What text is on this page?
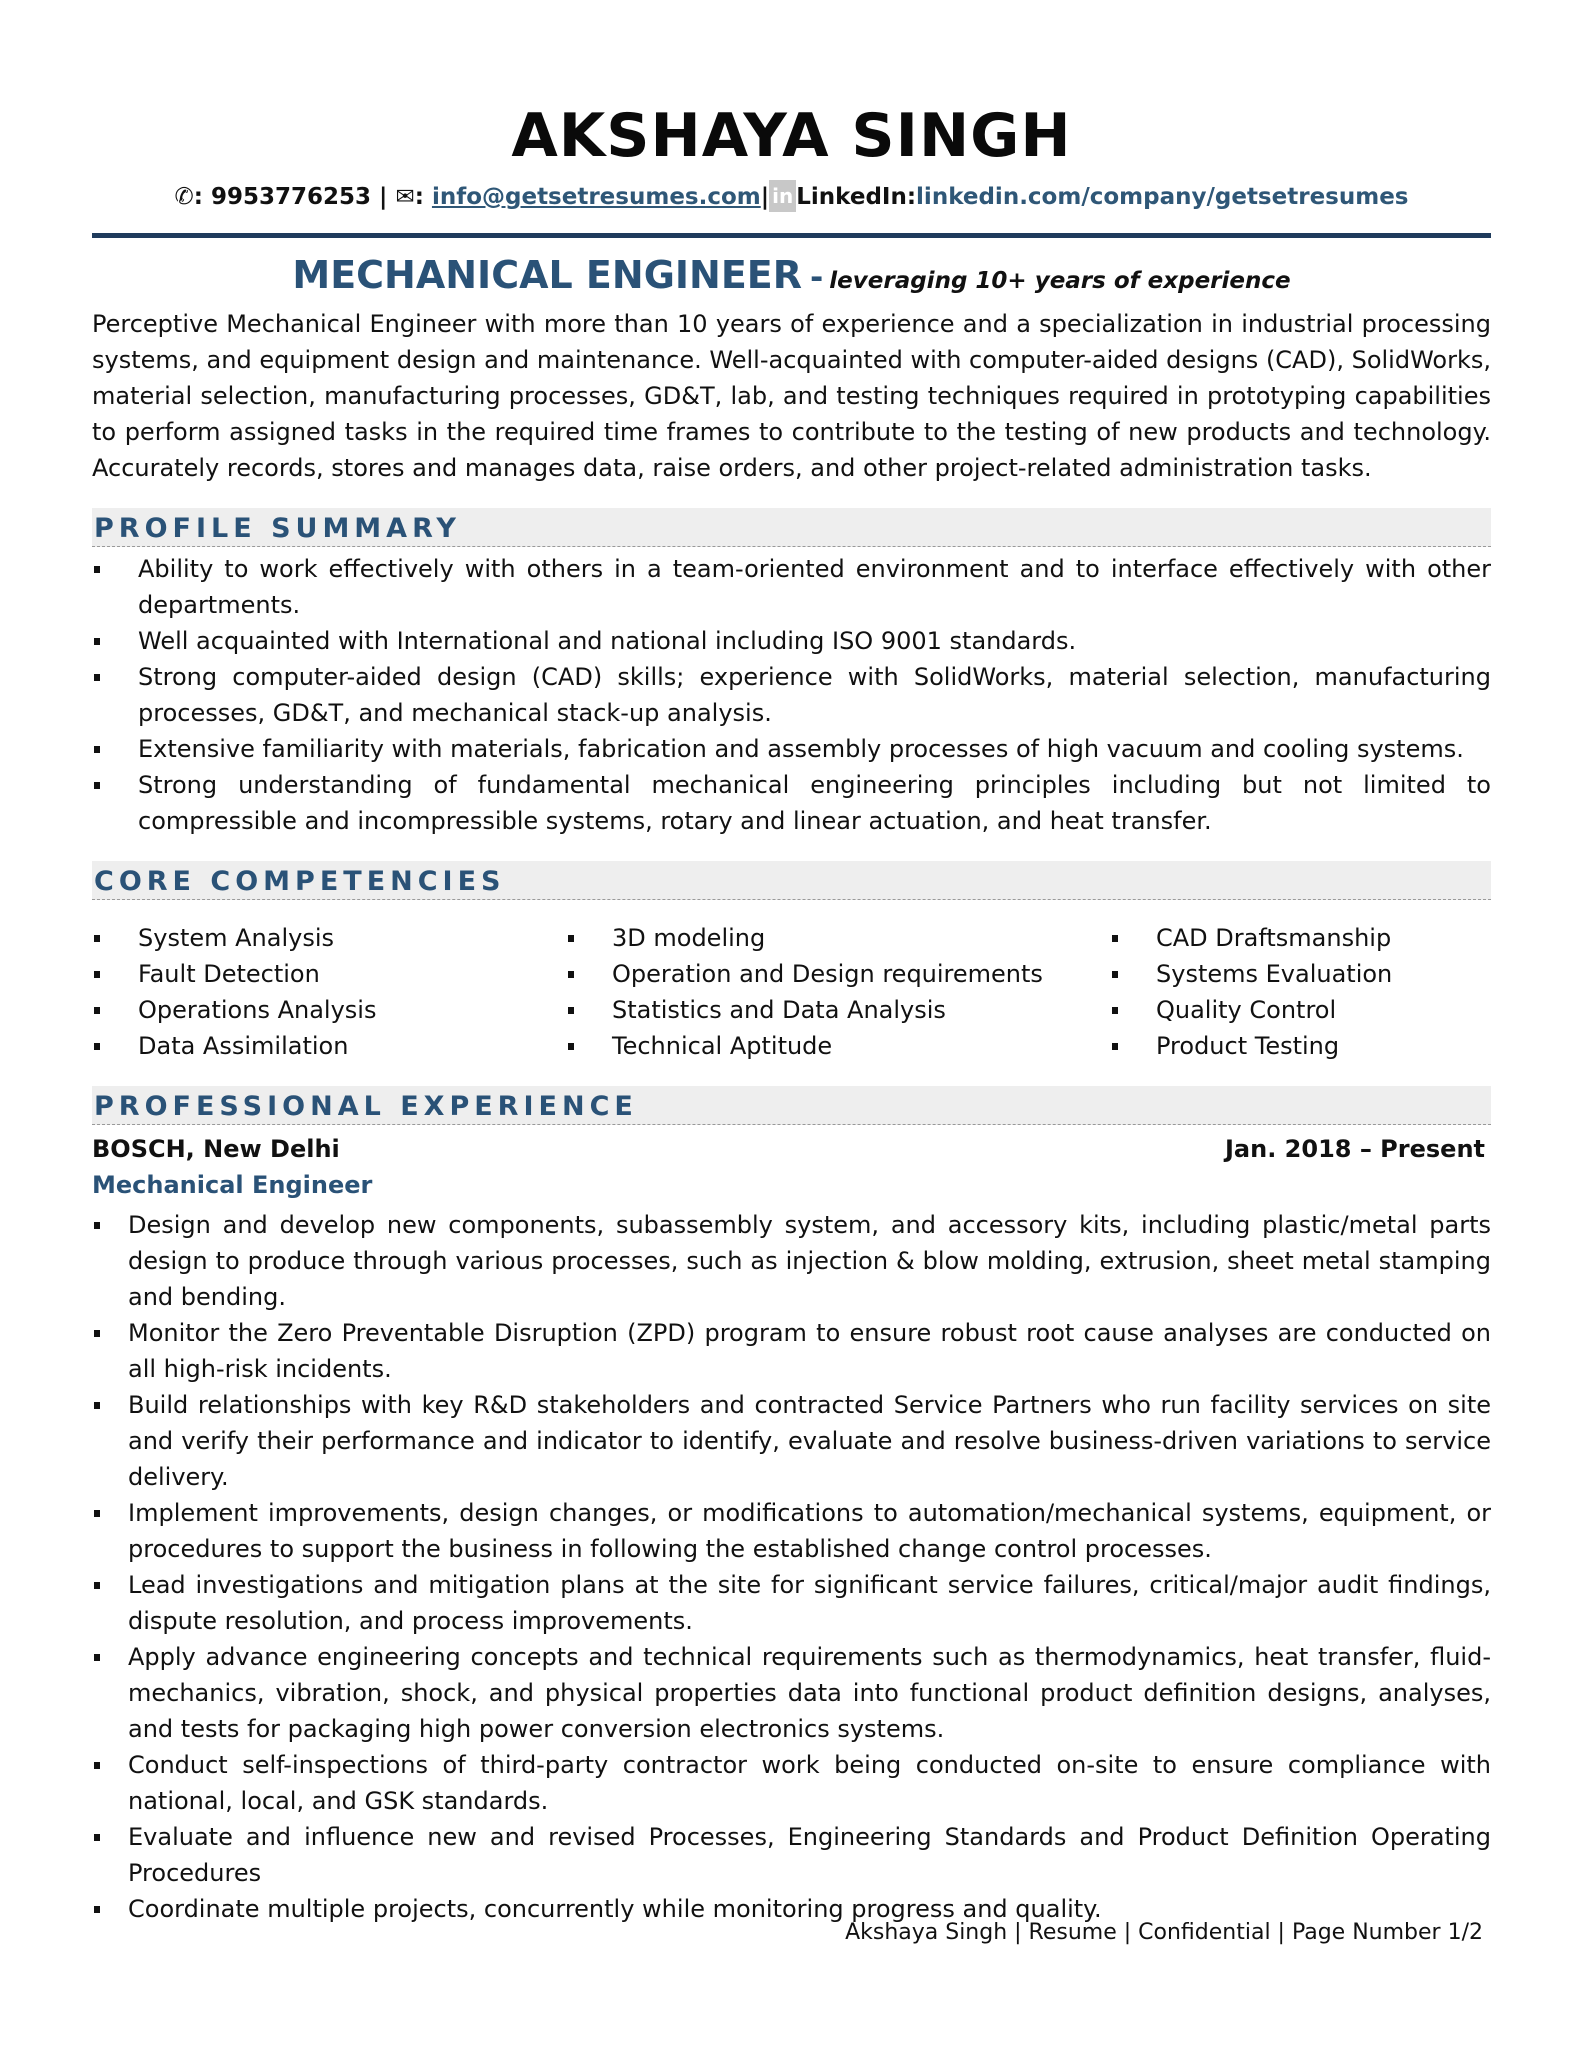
AKSHAYA SINGH
✆: 9953776253 | ✉: info@getsetresumes.com| in LinkedIn:linkedin.com/company/getsetresumes
MECHANICAL ENGINEER - leveraging 10+ years of experience

Perceptive Mechanical Engineer with more than 10 years of experience and a specialization in industrial processing systems, and equipment design and maintenance. Well-acquainted with computer-aided designs (CAD), SolidWorks, material selection, manufacturing processes, GD&T, lab, and testing techniques required in prototyping capabilities to perform assigned tasks in the required time frames to contribute to the testing of new products and technology. Accurately records, stores and manages data, raise orders, and other project-related administration tasks.

PROFILE SUMMARY
Ability to work effectively with others in a team-oriented environment and to interface effectively with other departments.
Well acquainted with International and national including ISO 9001 standards.
Strong computer-aided design (CAD) skills; experience with SolidWorks, material selection, manufacturing processes, GD&T, and mechanical stack-up analysis.
Extensive familiarity with materials, fabrication and assembly processes of high vacuum and cooling systems.
Strong understanding of fundamental mechanical engineering principles including but not limited to compressible and incompressible systems, rotary and linear actuation, and heat transfer.
CORE COMPETENCIES
System Analysis
Fault Detection
Operations Analysis
Data Assimilation
3D modeling
Operation and Design requirements
Statistics and Data Analysis
Technical Aptitude
CAD Draftsmanship
Systems Evaluation
Quality Control
Product Testing
PROFESSIONAL EXPERIENCE
BOSCH, New Delhi	Jan. 2018 – Present
Mechanical Engineer
Design and develop new components, subassembly system, and accessory kits, including plastic/metal parts design to produce through various processes, such as injection & blow molding, extrusion, sheet metal stamping and bending.
Monitor the Zero Preventable Disruption (ZPD) program to ensure robust root cause analyses are conducted on all high-risk incidents.
Build relationships with key R&D stakeholders and contracted Service Partners who run facility services on site and verify their performance and indicator to identify, evaluate and resolve business-driven variations to service delivery.
Implement improvements, design changes, or modifications to automation/mechanical systems, equipment, or procedures to support the business in following the established change control processes.
Lead investigations and mitigation plans at the site for significant service failures, critical/major audit findings, dispute resolution, and process improvements.
Apply advance engineering concepts and technical requirements such as thermodynamics, heat transfer, fluid-mechanics, vibration, shock, and physical properties data into functional product definition designs, analyses, and tests for packaging high power conversion electronics systems.
Conduct self-inspections of third-party contractor work being conducted on-site to ensure compliance with national, local, and GSK standards.
Evaluate and influence new and revised Processes, Engineering Standards and Product Definition Operating Procedures
Coordinate multiple projects, concurrently while monitoring progress and quality.
Akshaya Singh | Resume | Confidential | Page Number 1/2
